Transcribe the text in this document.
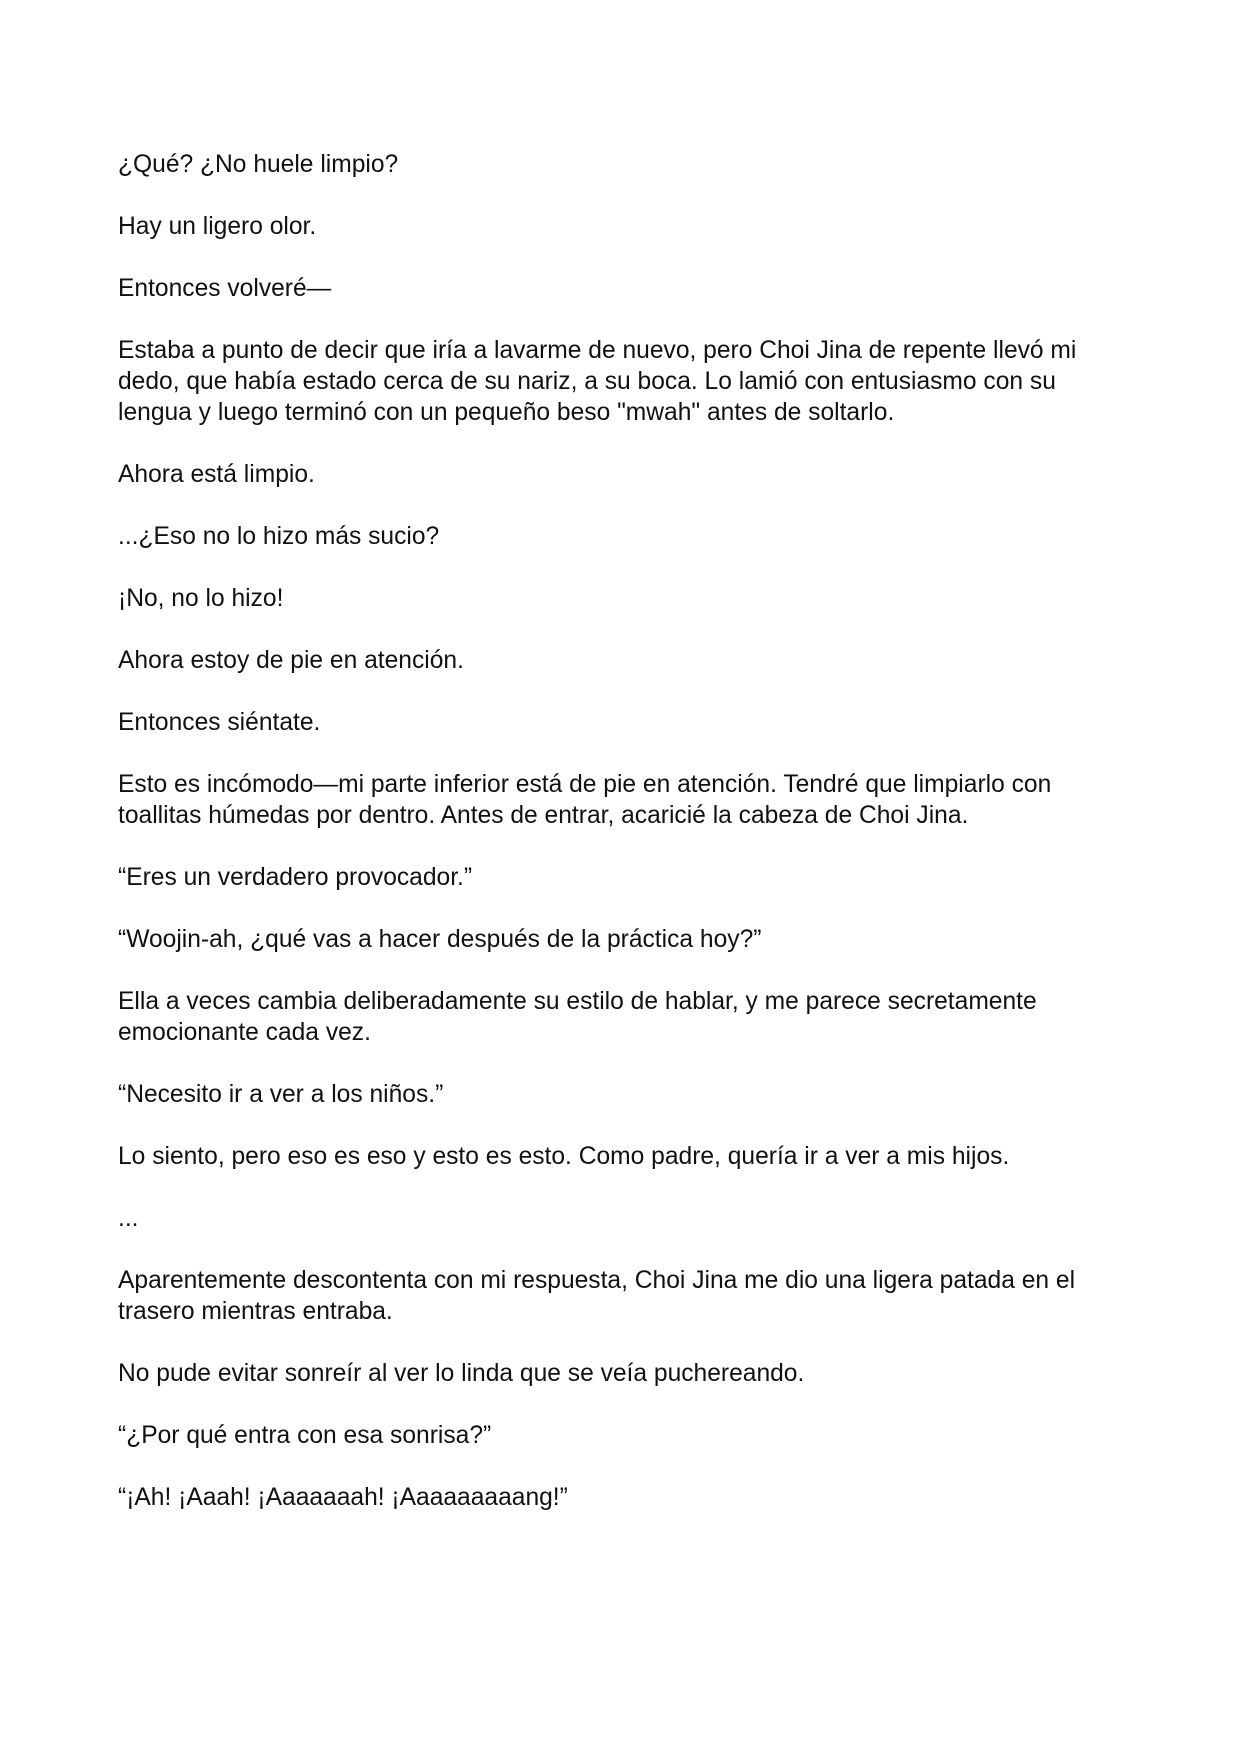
¿Qué? ¿No huele limpio?

Hay un ligero olor.

Entonces volveré—

Estaba a punto de decir que iría a lavarme de nuevo, pero Choi Jina de repente llevó mi dedo, que había estado cerca de su nariz, a su boca. Lo lamió con entusiasmo con su lengua y luego terminó con un pequeño beso "mwah" antes de soltarlo.

Ahora está limpio.

...¿Eso no lo hizo más sucio?

¡No, no lo hizo!

Ahora estoy de pie en atención.

Entonces siéntate.

Esto es incómodo—mi parte inferior está de pie en atención. Tendré que limpiarlo con toallitas húmedas por dentro. Antes de entrar, acaricié la cabeza de Choi Jina.

“Eres un verdadero provocador.”

“Woojin-ah, ¿qué vas a hacer después de la práctica hoy?”

Ella a veces cambia deliberadamente su estilo de hablar, y me parece secretamente emocionante cada vez.

“Necesito ir a ver a los niños.”

Lo siento, pero eso es eso y esto es esto. Como padre, quería ir a ver a mis hijos.

...

Aparentemente descontenta con mi respuesta, Choi Jina me dio una ligera patada en el trasero mientras entraba.

No pude evitar sonreír al ver lo linda que se veía puchereando.

“¿Por qué entra con esa sonrisa?”

“¡Ah! ¡Aaah! ¡Aaaaaaah! ¡Aaaaaaaaang!”
